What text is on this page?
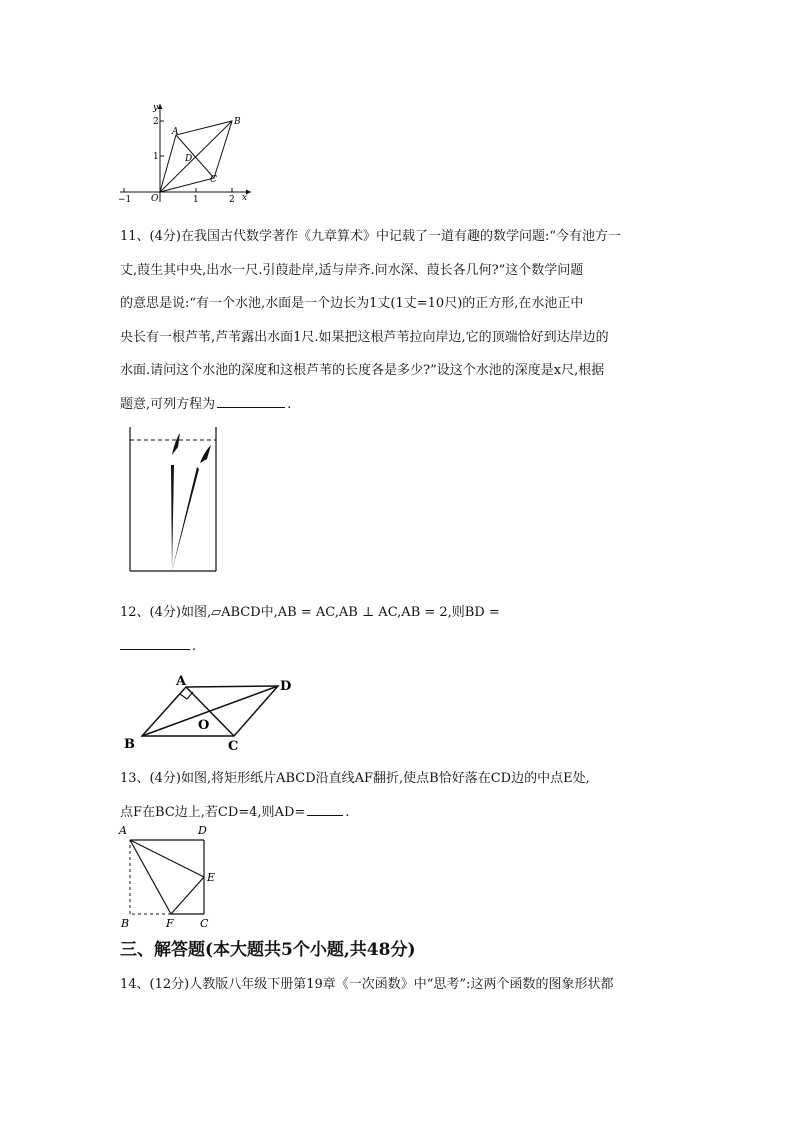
y
x
2
1
−1	1	2
O
A
B
C
D

11、(4分)在我国古代数学著作《九章算术》中记载了一道有趣的数学问题:“今有池方一

丈,葭生其中央,出水一尺.引葭赴岸,适与岸齐.问水深、葭长各几何?”这个数学问题

的意思是说:“有一个水池,水面是一个边长为1丈(1丈=10尺)的正方形,在水池正中

央长有一根芦苇,芦苇露出水面1尺.如果把这根芦苇拉向岸边,它的顶端恰好到达岸边的

水面.请问这个水池的深度和这根芦苇的长度各是多少?”设这个水池的深度是x尺,根据

题意,可列方程为	.

12、(4分)如图,▱ABCD中,AB = AC,AB ⊥ AC,AB = 2,则BD =

.

A
B	C
D
O

13、(4分)如图,将矩形纸片ABCD沿直线AF翻折,使点B恰好落在CD边的中点E处,

点F在BC边上,若CD=4,则AD=	.

A	D
E
B	F C
三、解答题(本大题共5个小题,共48分)

14、(12分)人教版八年级下册第19章《一次函数》中“思考”:这两个函数的图象形状都
